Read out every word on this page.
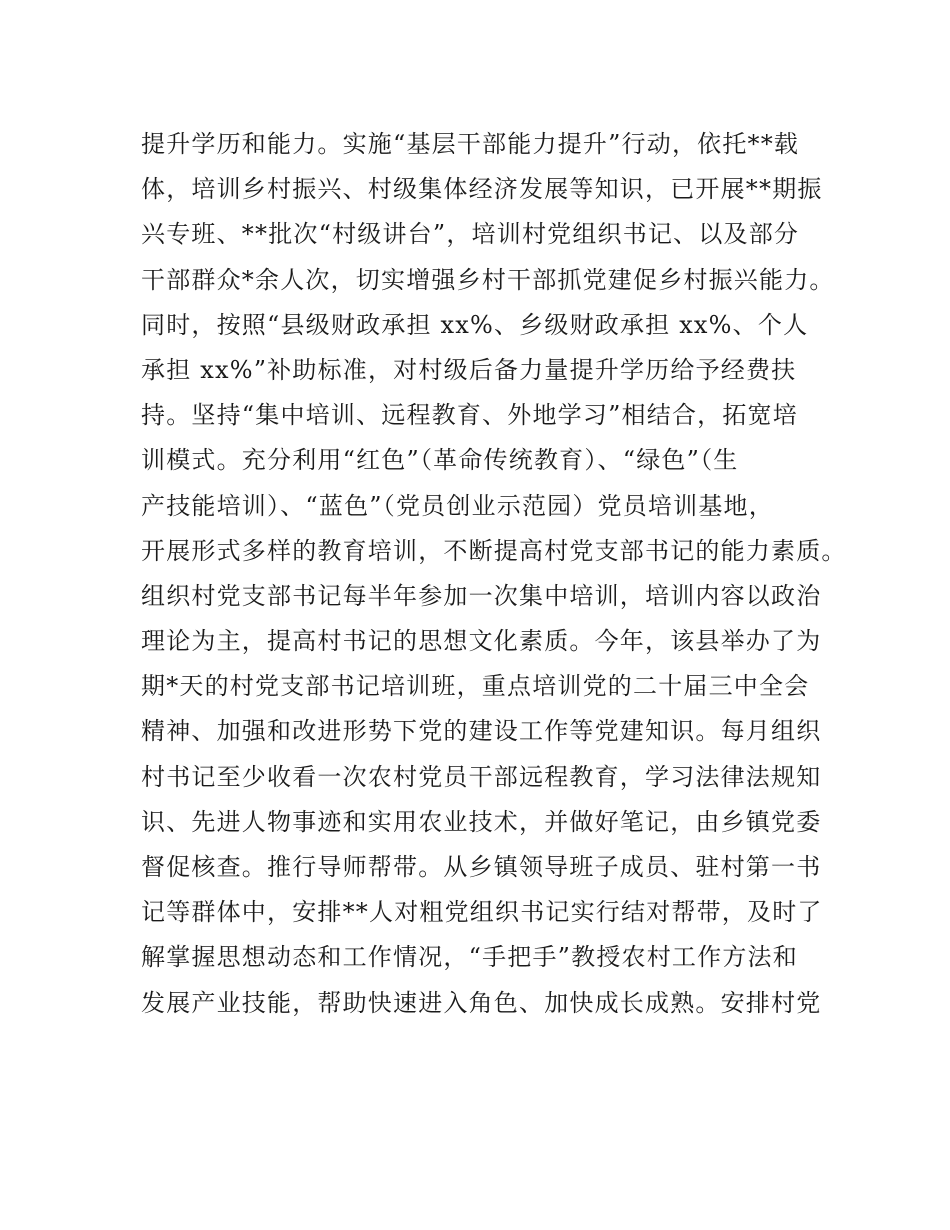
提升学历和能力。实施“基层干部能力提升”行动，依托**载
体，培训乡村振兴、村级集体经济发展等知识，已开展**期振
兴专班、**批次“村级讲台”，培训村党组织书记、以及部分
干部群众*余人次，切实增强乡村干部抓党建促乡村振兴能力。
同时，按照“县级财政承担 xx%、乡级财政承担 xx%、个人
承担 xx%”补助标准，对村级后备力量提升学历给予经费扶
持。坚持“集中培训、远程教育、外地学习”相结合，拓宽培
训模式。充分利用“红色”（革命传统教育）、“绿色”（生
产技能培训）、“蓝色”（党员创业示范园）党员培训基地，
开展形式多样的教育培训，不断提高村党支部书记的能力素质。
组织村党支部书记每半年参加一次集中培训，培训内容以政治
理论为主，提高村书记的思想文化素质。今年，该县举办了为
期*天的村党支部书记培训班，重点培训党的二十届三中全会
精神、加强和改进形势下党的建设工作等党建知识。每月组织
村书记至少收看一次农村党员干部远程教育，学习法律法规知
识、先进人物事迹和实用农业技术，并做好笔记，由乡镇党委
督促核查。推行导师帮带。从乡镇领导班子成员、驻村第一书
记等群体中，安排**人对粗党组织书记实行结对帮带，及时了
解掌握思想动态和工作情况，“手把手”教授农村工作方法和
发展产业技能，帮助快速进入角色、加快成长成熟。安排村党
